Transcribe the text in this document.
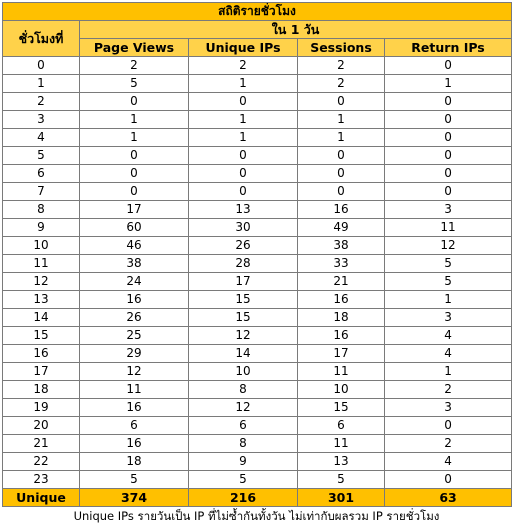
สถิติรายชั่วโมง				
ชั่วโมงที่	ใน 1 วัน			
	Page Views	Unique IPs	Sessions	Return IPs
0	2	2	2	0
1	5	1	2	1
2	0	0	0	0
3	1	1	1	0
4	1	1	1	0
5	0	0	0	0
6	0	0	0	0
7	0	0	0	0
8	17	13	16	3
9	60	30	49	11
10	46	26	38	12
11	38	28	33	5
12	24	17	21	5
13	16	15	16	1
14	26	15	18	3
15	25	12	16	4
16	29	14	17	4
17	12	10	11	1
18	11	8	10	2
19	16	12	15	3
20	6	6	6	0
21	16	8	11	2
22	18	9	13	4
23	5	5	5	0
Unique	374	216	301	63
Unique IPs รายวันเป็น IP ที่ไม่ซ้ำกันทั้งวัน ไม่เท่ากับผลรวม IP รายชั่วโมง
